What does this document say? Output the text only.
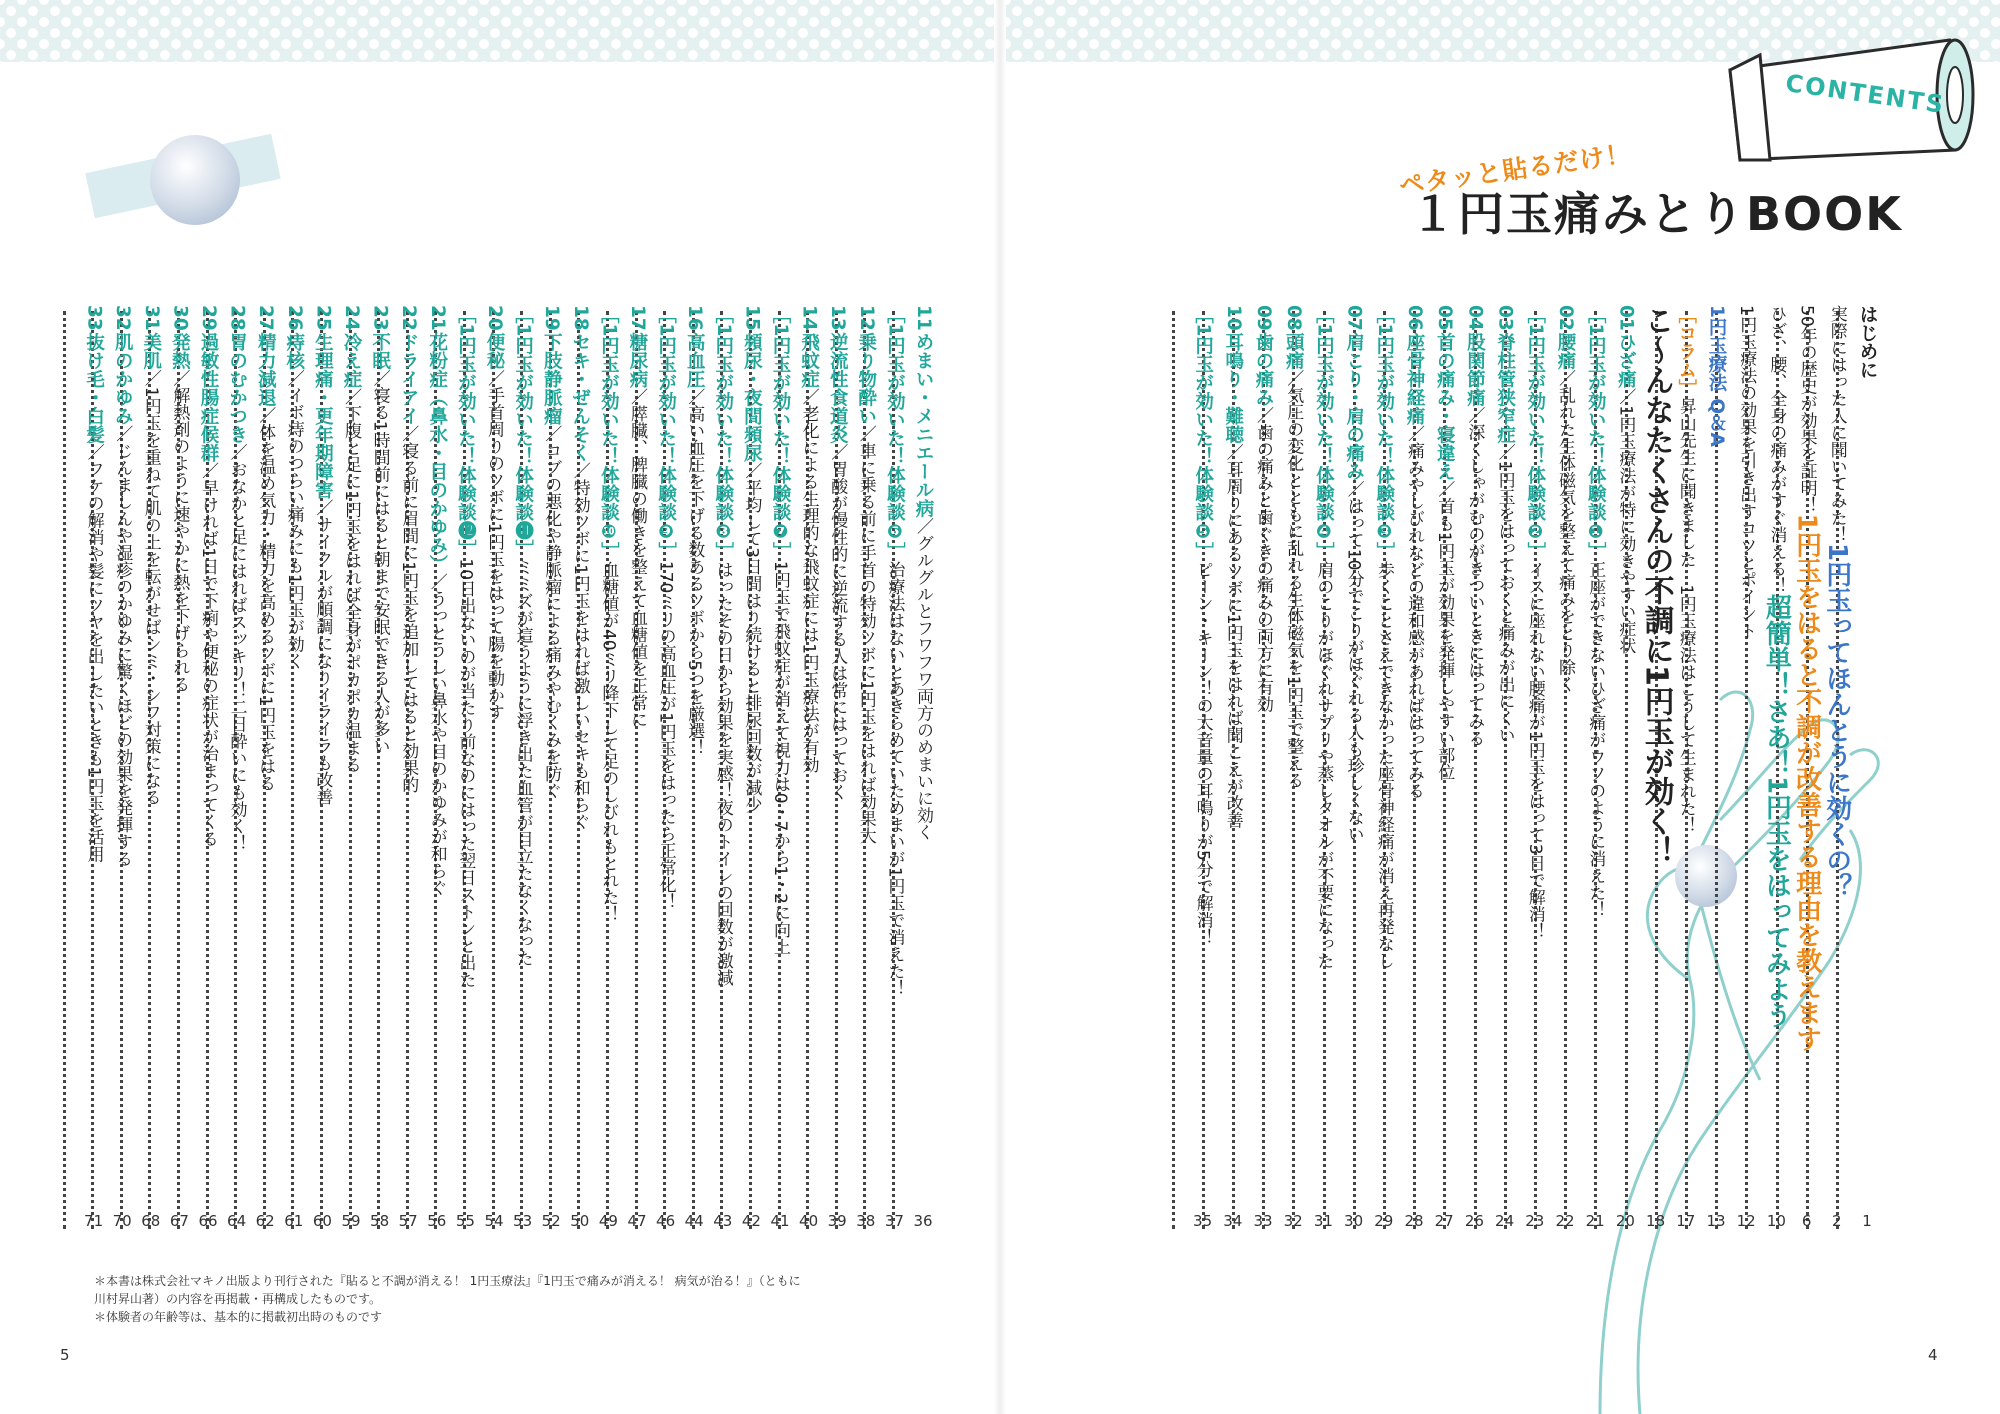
CONTENTS
ペタッと貼るだけ！
１円玉痛みとりBOOK
はじめに
1
実際にはった人に聞いてみた！1円玉ってほんとうに効くの？
2
50年の歴史が効果を証明！1円玉をはると不調が改善する理由を教えます
6
ひざ、腰、全身の痛みがすぐ消える！超簡単！さあ！1円玉をはってみよう
10
1円玉療法の効果を引き出すコツとポイント
12
1円玉療法 Q＆A
13
［コラム］昇山先生に聞きました　1円玉療法はこうして生まれた！
17
こ～んなたくさんの不調に1円玉が効く！
18
01ひざ痛／1円玉療法が特に効きやすい症状
20
［1円玉が効いた！体験談❶］正座ができないひざ痛がウソのように消えた！
21
02腰痛／乱れた生体磁気を整えて痛みをとり除く
22
［1円玉が効いた！体験談❷］イスに座れない腰痛が1円玉をはって3日で解消！
23
03脊柱管狭窄症／1円玉をはっておくと痛みが出にくい
24
04股関節痛／深くしゃがむのがきついときにはってみる
26
05首の痛み・寝違え／首も1円玉が効果を発揮しやすい部位
27
06座骨神経痛／痛みやしびれなどの違和感があればはってみる
28
［1円玉が効いた！体験談❸］歩くことさえできなかった座骨神経痛が消え再発なし
29
07肩こり・肩の痛み／はって10分でこりがほぐれる人も珍しくない
30
［1円玉が効いた！体験談❹］肩のこりがほぐれサプリや蒸しタオルが不要になった
31
08頭痛／気圧の変化とともに乱れる生体磁気を1円玉で整える
32
09歯の痛み／歯の痛みと歯ぐきの痛みの両方に有効
33
10耳鳴り・難聴／耳周りにあるツボに1円玉をはれば聞こえが改善
34
［1円玉が効いた！体験談❺］ピーン・キーン！の大音量の耳鳴りが5分で解消！
35
11めまい・メニエール病／グルグルとフワフワ両方のめまいに効く
36
［1円玉が効いた！体験談❻］治療法はないとあきらめていためまいが1円玉で消えた！
37
12乗り物酔い／車に乗る前に手首の特効ツボに1円玉をはれば効果大
38
13逆流性食道炎／胃酸が慢性的に逆流する人は常にはっておく
39
14飛蚊症／老化による生理的な飛蚊症には1円玉療法が有効
40
［1円玉が効いた！体験談❼］1円玉で飛蚊症が消えて視力は0・7から1・2に向上
41
15頻尿・夜間頻尿／平均して3日間はり続けると排尿回数が減少
42
［1円玉が効いた！体験談❽］はったその日から効果を実感！夜のトイレの回数が激減
43
16高血圧／高い血圧を下げる数あるツボから5つを厳選！
44
［1円玉が効いた！体験談❾］170ミリの高血圧が1円玉をはったら正常化！
46
17糖尿病／膵臓、脾臓の働きを整えて血糖値を正常に
47
［1円玉が効いた！体験談❿］血糖値が40ミリ降下して足のしびれもとれた！
49
18セキ・ぜんそく／特効ツボに1円玉をはれば激しいセキも和らぐ
50
19下肢静脈瘤／コブの悪化や静脈瘤による痛みやむくみを防ぐ
52
［1円玉が効いた！体験談⓫］ミミズが這うように浮き出た血管が目立たなくなった
53
20便秘／手首周りのツボに1円玉をはって腸を動かす
54
［1円玉が効いた！体験談⓬］10日出ないのが当たり前なのにはった翌日ストンと出た
55
21花粉症（鼻水・目のかゆみ）／うっとうしい鼻水や目のかゆみが和らぐ
56
22ドライアイ／寝る前に眉間に1円玉を追加してはると効果的
57
23不眠／寝る1時間前にはると朝まで安眠できる人が多い
58
24冷え症／下腹と足に1円玉をはれば全身がポカポカ温まる
59
25生理痛・更年期障害／サイクルが順調になりイライラも改善
60
26痔核／イボ痔のつらい痛みにも1円玉が効く
61
27精力減退／体を温め気力・精力を高めるツボに1円玉をはる
62
28胃のむかつき／おなかと足にはればスッキリ！二日酔いにも効く！
64
29過敏性腸症候群／早ければ1日で下痢や便秘の症状が治まってくる
66
30発熱／解熱剤のように速やかに熱を下げられる
67
31美肌／1円玉を重ねて肌の上を転がせばシミ・シワ対策になる
68
32肌のかゆみ／じんましんや湿疹のかゆみに驚くほどの効果を発揮する
70
33抜け毛・白髪／フケの解消や髪にツヤを出したいときも1円玉を活用
71
＊本書は株式会社マキノ出版より刊行された『貼ると不調が消える！ 1円玉療法』『1円玉で痛みが消える！ 病気が治る！』（ともに
川村昇山著）の内容を再掲載・再構成したものです。
＊体験者の年齢等は、基本的に掲載初出時のものです
5	4
